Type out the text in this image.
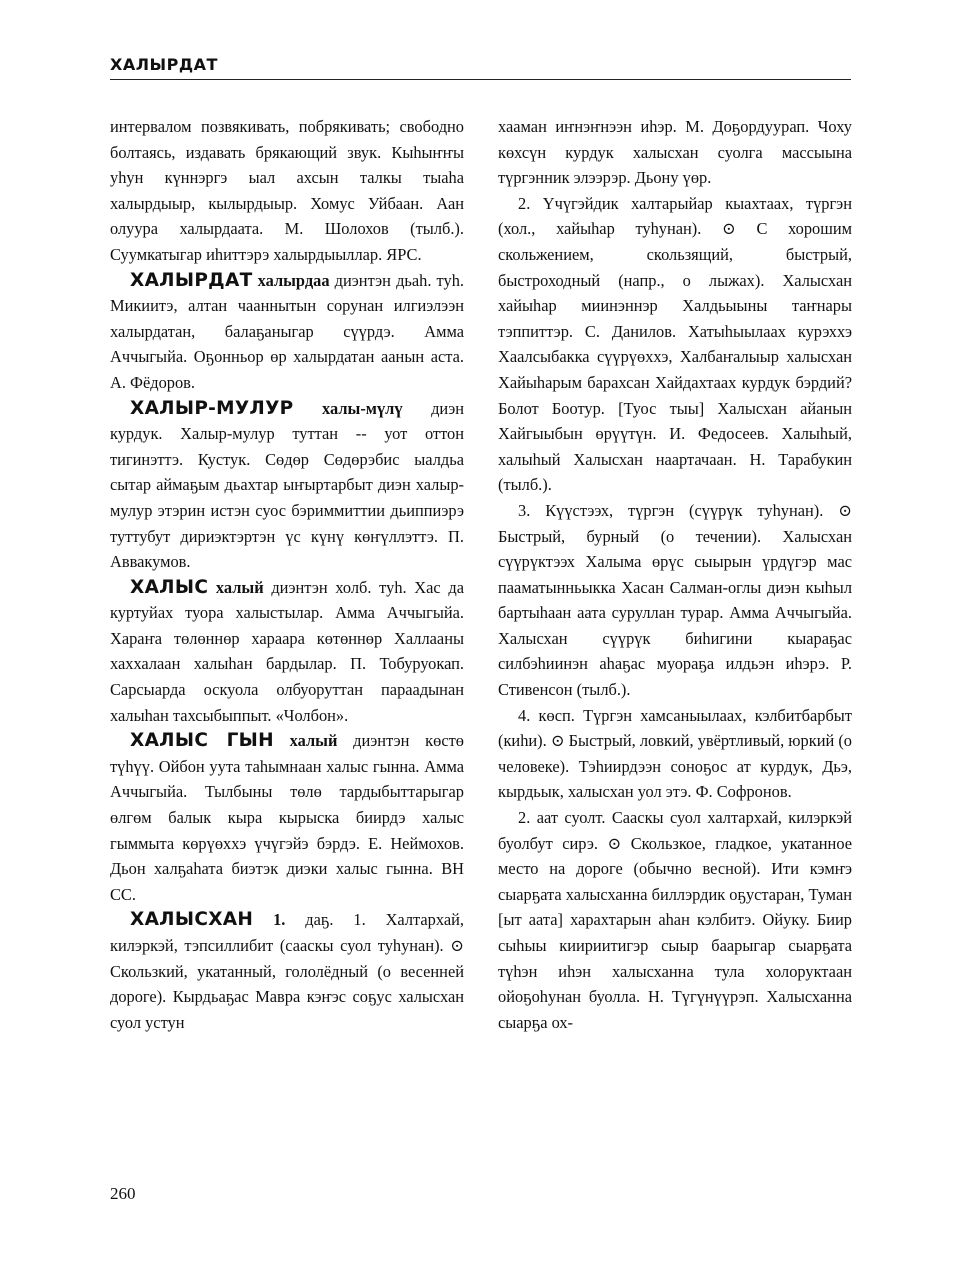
ХАЛЫРДАТ

интервалом позвякивать, побрякивать; свободно болтаясь, издавать брякающий звук. Кыһыҥҥы уһун күннэргэ ыал ахсын талкы тыаһа халырдыыр, кылырдыыр. Хомус Уйбаан. Аан олуура халырдаата. М. Шолохов (тылб.). Суумкатыгар иһиттэрэ халырдыыллар. ЯРС.

ХАЛЫРДАТ халырдаа диэнтэн дьаһ. туһ. Микиитэ, алтан чааннытын сорунан илгиэлээн халырдатан, балаҕаныгар сүүрдэ. Амма Аччыгыйа. Оҕонньор өр халырдатан аанын аста. А. Фёдоров.

ХАЛЫР-МУЛУР халы-мүлү диэн курдук. Халыр-мулур туттан -- уот оттон тигинэттэ. Кустук. Сөдөр Сөдөрэбис ыалдьа сытар аймаҕым дьахтар ыҥыртарбыт диэн халыр-мулур этэрин истэн суос бэриммиттии дьиппиэрэ туттубут дириэктэртэн үс күнү көҥүллэттэ. П. Аввакумов.

ХАЛЫС халый диэнтэн холб. туһ. Хас да куртуйах туора халыстылар. Амма Аччыгыйа. Хараҥа төлөннөр хараара көтөннөр Халлааны хаххалаан халыһан бардылар. П. Тобуруокап. Сарсыарда оскуола олбуоруттан параадынан халыһан тахсыбыппыт. «Чолбон».

ХАЛЫС ГЫН халый диэнтэн көстө түһүү. Ойбон уута таһымнаан халыс гынна. Амма Аччыгыйа. Тылбыны төлө тардыбыттарыгар өлгөм балык кыра кырыска биирдэ халыс гыммыта көрүөххэ үчүгэйэ бэрдэ. Е. Неймохов. Дьон халҕаһата биэтэк диэки халыс гынна. ВН СС.

ХАЛЫСХАН 1. даҕ. 1. Халтархай, килэркэй, тэпсиллибит (сааскы суол туһунан). ⊙ Скользкий, укатанный, гололёдный (о весенней дороге). Кырдьаҕас Мавра кэҥэс соҕус халысхан суол устун

хааман иҥнэҥнээн иһэр. М. Доҕордуурап. Чоху көхсүн курдук халысхан суолга массыына түргэнник элээрэр. Дьону үөр.

2. Үчүгэйдик халтарыйар кыахтаах, түргэн (хол., хайыһар туһунан). ⊙ С хорошим скольжением, скользящий, быстрый, быстроходный (напр., о лыжах). Халысхан хайыһар миинэннэр Халдьыыны таҥнары тэппиттэр. С. Данилов. Хатыһыылаах курэххэ Хаалсыбакка сүүрүөххэ, Халбаҥалыыр халысхан Хайыһарым барахсан Хайдахтаах курдук бэрдий? Болот Боотур. [Туос тыы] Халысхан айанын Хайгыыбын өрүүтүн. И. Федосеев. Халыһый, халыһый Халысхан наартачаан. Н. Тарабукин (тылб.).

3. Күүстээх, түргэн (сүүрүк туһунан). ⊙ Быстрый, бурный (о течении). Халысхан сүүрүктээх Халыма өрүс сыырын үрдүгэр мас пааматынньыкка Хасан Салман-оглы диэн кыһыл бартыһаан аата суруллан турар. Амма Аччыгыйа. Халысхан сүүрүк биһигини кыараҕас силбэһиинэн аһаҕас муораҕа илдьэн иһэрэ. Р. Стивенсон (тылб.).

4. көсп. Түргэн хамсаныылаах, кэлбитбарбыт (киһи). ⊙ Быстрый, ловкий, увёртливый, юркий (о человеке). Тэһиирдээн соноҕос ат курдук, Дьэ, кырдьык, халысхан уол этэ. Ф. Софронов.

2. аат суолт. Сааскы суол халтархай, килэркэй буолбут сирэ. ⊙ Скользкое, гладкое, укатанное место на дороге (обычно весной). Ити кэмҥэ сыарҕата халысханна биллэрдик оҕустаран, Туман [ыт аата] харахтарын аһан кэлбитэ. Ойуку. Биир сыһыы киириитигэр сыыр баарыгар сыарҕата түһэн иһэн халысханна тула холоруктаан ойоҕоһунан буолла. Н. Түгүнүүрэп. Халысханна сыарҕа ох-

260
